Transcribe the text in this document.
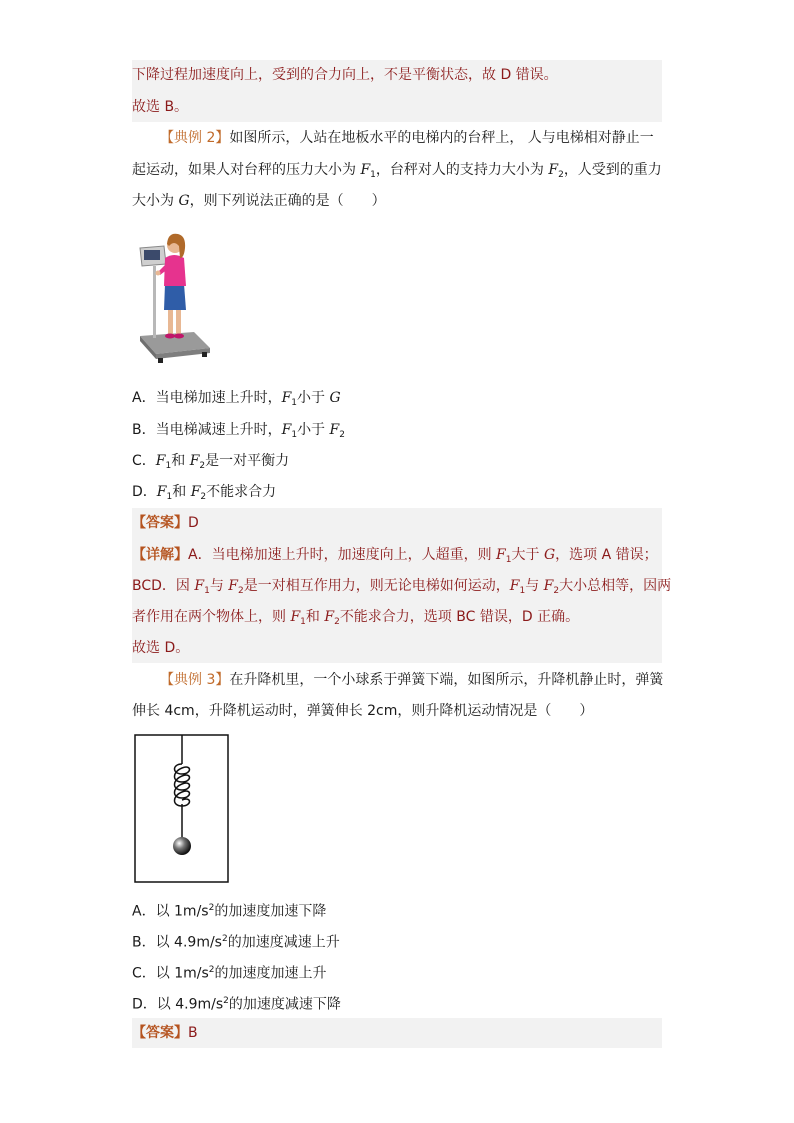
下降过程加速度向上，受到的合力向上，不是平衡状态，故 D 错误。
故选 B。
【典例 2】如图所示，人站在地板水平的电梯内的台秤上， 人与电梯相对静止一
起运动，如果人对台秤的压力大小为 $F_1$，台秤对人的支持力大小为 $F_2$，人受到的重力
大小为 G，则下列说法正确的是（　　）
A．当电梯加速上升时，$F_1$小于 G
B．当电梯减速上升时，$F_1$小于 $F_2$
C．$F_1$和 $F_2$是一对平衡力
D．$F_1$和 $F_2$不能求合力
【答案】D
【详解】A．当电梯加速上升时，加速度向上，人超重，则 $F_1$大于 G，选项 A 错误；
BCD．因 $F_1$与 $F_2$是一对相互作用力，则无论电梯如何运动，$F_1$与 $F_2$大小总相等，因两
者作用在两个物体上，则 $F_1$和 $F_2$不能求合力，选项 BC 错误，D 正确。
故选 D。
【典例 3】在升降机里，一个小球系于弹簧下端，如图所示，升降机静止时，弹簧
伸长 4cm，升降机运动时，弹簧伸长 2cm，则升降机运动情况是（　　）
A．以 $1m/s^2$的加速度加速下降
B．以 $4.9m/s^2$的加速度减速上升
C．以 $1m/s^2$的加速度加速上升
D．以 $4.9m/s^2$的加速度减速下降
【答案】B
